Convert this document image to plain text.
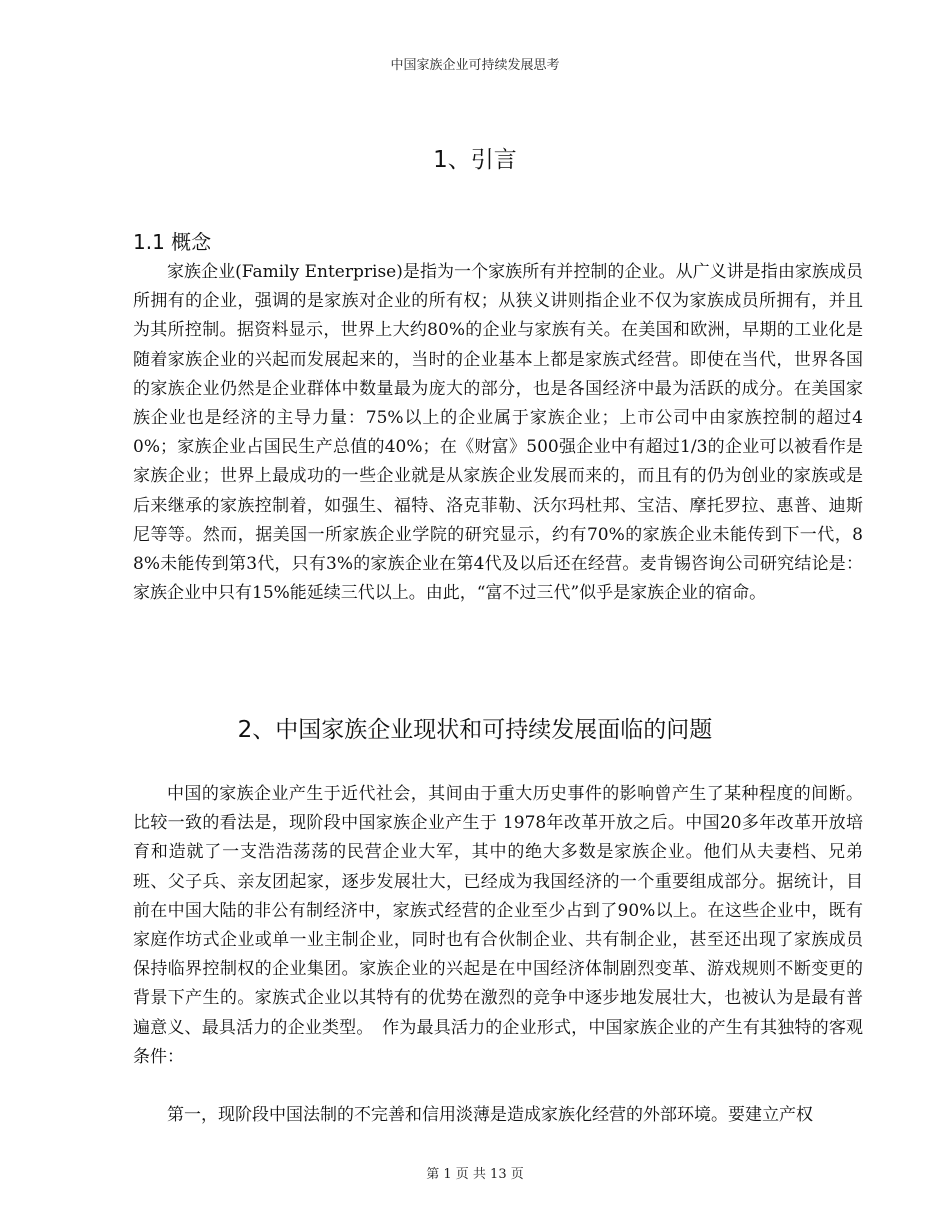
中国家族企业可持续发展思考
1、引言
1.1 概念
家族企业(Family Enterprise)是指为一个家族所有并控制的企业。从广义讲是指由家族成员所拥有的企业，强调的是家族对企业的所有权；从狭义讲则指企业不仅为家族成员所拥有，并且为其所控制。据资料显示，世界上大约80%的企业与家族有关。在美国和欧洲，早期的工业化是随着家族企业的兴起而发展起来的，当时的企业基本上都是家族式经营。即使在当代，世界各国的家族企业仍然是企业群体中数量最为庞大的部分，也是各国经济中最为活跃的成分。在美国家族企业也是经济的主导力量：75%以上的企业属于家族企业；上市公司中由家族控制的超过40%；家族企业占国民生产总值的40%；在《财富》500强企业中有超过1/3的企业可以被看作是家族企业；世界上最成功的一些企业就是从家族企业发展而来的，而且有的仍为创业的家族或是后来继承的家族控制着，如强生、福特、洛克菲勒、沃尔玛杜邦、宝洁、摩托罗拉、惠普、迪斯尼等等。然而，据美国一所家族企业学院的研究显示，约有70%的家族企业未能传到下一代，88%未能传到第3代，只有3%的家族企业在第4代及以后还在经营。麦肯锡咨询公司研究结论是：家族企业中只有15%能延续三代以上。由此，“富不过三代”似乎是家族企业的宿命。
2、中国家族企业现状和可持续发展面临的问题
中国的家族企业产生于近代社会，其间由于重大历史事件的影响曾产生了某种程度的间断。比较一致的看法是，现阶段中国家族企业产生于 1978年改革开放之后。中国20多年改革开放培育和造就了一支浩浩荡荡的民营企业大军，其中的绝大多数是家族企业。他们从夫妻档、兄弟班、父子兵、亲友团起家，逐步发展壮大，已经成为我国经济的一个重要组成部分。据统计，目前在中国大陆的非公有制经济中，家族式经营的企业至少占到了90%以上。在这些企业中，既有家庭作坊式企业或单一业主制企业，同时也有合伙制企业、共有制企业，甚至还出现了家族成员保持临界控制权的企业集团。家族企业的兴起是在中国经济体制剧烈变革、游戏规则不断变更的背景下产生的。家族式企业以其特有的优势在激烈的竞争中逐步地发展壮大，也被认为是最有普遍意义、最具活力的企业类型。　作为最具活力的企业形式，中国家族企业的产生有其独特的客观条件：
第一，现阶段中国法制的不完善和信用淡薄是造成家族化经营的外部环境。要建立产权
第 1 页 共 13 页
